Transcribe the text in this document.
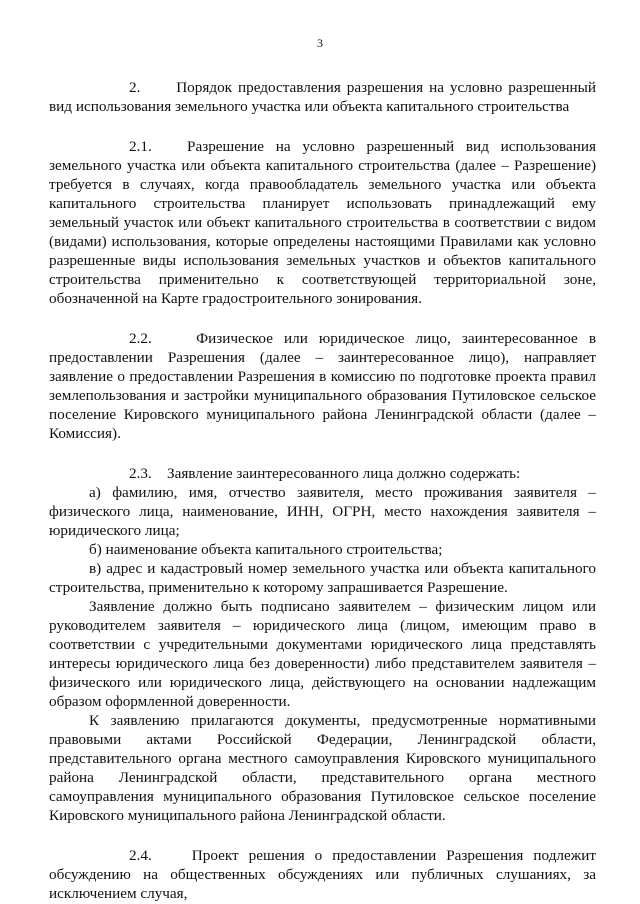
3

2. Порядок предоставления разрешения на условно разрешенный вид использования земельного участка или объекта капитального строительства

2.1. Разрешение на условно разрешенный вид использования земельного участка или объекта капитального строительства (далее – Разрешение) требуется в случаях, когда правообладатель земельного участка или объекта капитального строительства планирует использовать принадлежащий ему земельный участок или объект капитального строительства в соответствии с видом (видами) использования, которые определены настоящими Правилами как условно разрешенные виды использования земельных участков и объектов капитального строительства применительно к соответствующей территориальной зоне, обозначенной на Карте градостроительного зонирования.

2.2.	Физическое или юридическое лицо, заинтересованное в предоставлении Разрешения (далее – заинтересованное лицо), направляет заявление о предоставлении Разрешения в комиссию по подготовке проекта правил землепользования и застройки муниципального образования Путиловское сельское поселение Кировского муниципального района Ленинградской области (далее – Комиссия).

2.3. Заявление заинтересованного лица должно содержать:

а) фамилию, имя, отчество заявителя, место проживания заявителя – физического лица, наименование, ИНН, ОГРН, место нахождения заявителя – юридического лица;

б) наименование объекта капитального строительства;

в) адрес и кадастровый номер земельного участка или объекта капитального строительства, применительно к которому запрашивается Разрешение.

Заявление должно быть подписано заявителем – физическим лицом или руководителем заявителя – юридического лица (лицом, имеющим право в соответствии с учредительными документами юридического лица представлять интересы юридического лица без доверенности) либо представителем заявителя – физического или юридического лица, действующего на основании надлежащим образом оформленной доверенности.

К заявлению прилагаются документы, предусмотренные нормативными правовыми актами Российской Федерации, Ленинградской области, представительного органа местного самоуправления Кировского муниципального района Ленинградской области, представительного органа местного самоуправления муниципального образования Путиловское сельское поселение Кировского муниципального района Ленинградской области.

2.4.	Проект решения о предоставлении Разрешения подлежит обсуждению на общественных обсуждениях или публичных слушаниях, за исключением случая,
